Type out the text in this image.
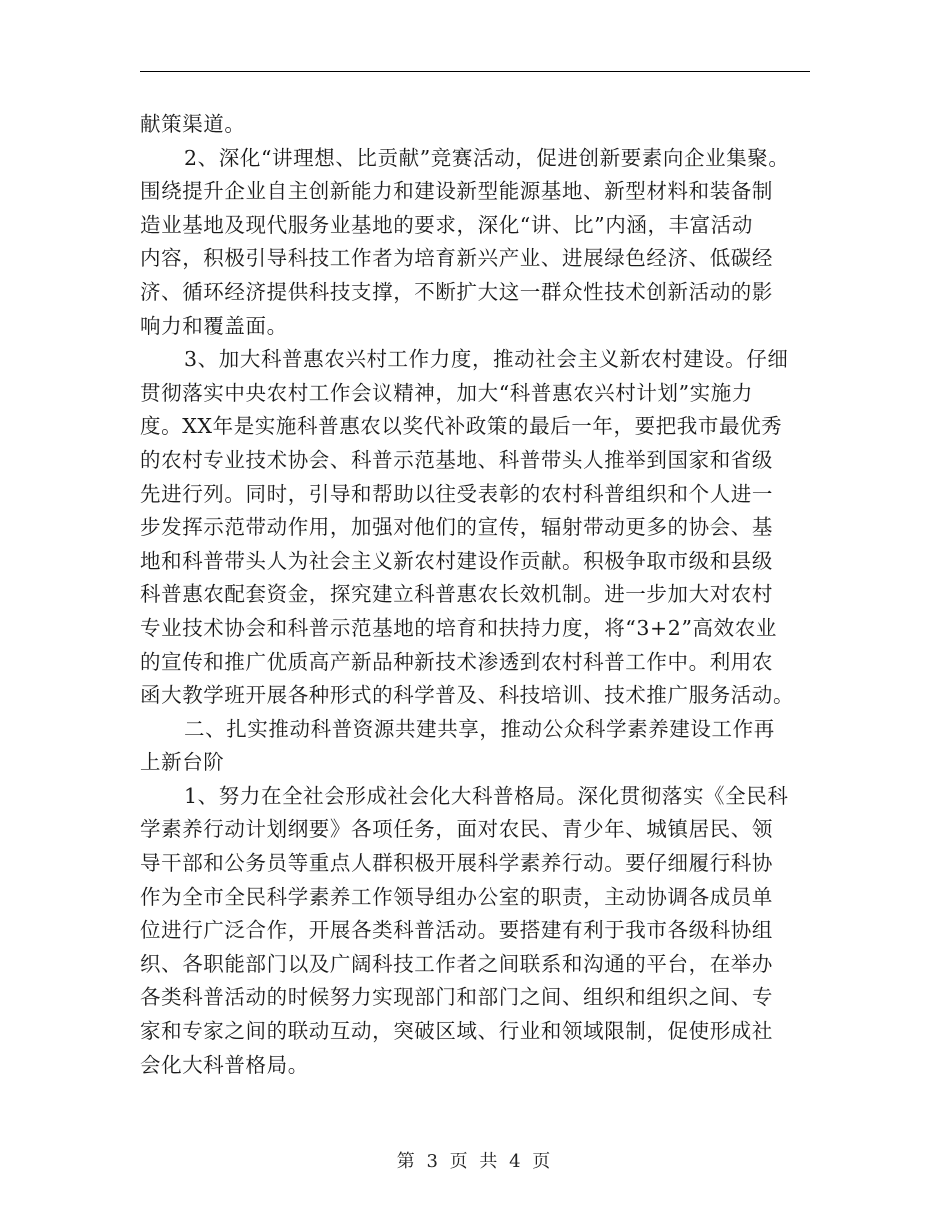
献策渠道。
2、深化“讲理想、比贡献”竞赛活动，促进创新要素向企业集聚。
围绕提升企业自主创新能力和建设新型能源基地、新型材料和装备制
造业基地及现代服务业基地的要求，深化“讲、比”内涵，丰富活动
内容，积极引导科技工作者为培育新兴产业、进展绿色经济、低碳经
济、循环经济提供科技支撑，不断扩大这一群众性技术创新活动的影
响力和覆盖面。
3、加大科普惠农兴村工作力度，推动社会主义新农村建设。仔细
贯彻落实中央农村工作会议精神，加大“科普惠农兴村计划”实施力
度。XX年是实施科普惠农以奖代补政策的最后一年，要把我市最优秀
的农村专业技术协会、科普示范基地、科普带头人推举到国家和省级
先进行列。同时，引导和帮助以往受表彰的农村科普组织和个人进一
步发挥示范带动作用，加强对他们的宣传，辐射带动更多的协会、基
地和科普带头人为社会主义新农村建设作贡献。积极争取市级和县级
科普惠农配套资金，探究建立科普惠农长效机制。进一步加大对农村
专业技术协会和科普示范基地的培育和扶持力度，将“3+2”高效农业
的宣传和推广优质高产新品种新技术渗透到农村科普工作中。利用农
函大教学班开展各种形式的科学普及、科技培训、技术推广服务活动。
二、扎实推动科普资源共建共享，推动公众科学素养建设工作再
上新台阶
1、努力在全社会形成社会化大科普格局。深化贯彻落实《全民科
学素养行动计划纲要》各项任务，面对农民、青少年、城镇居民、领
导干部和公务员等重点人群积极开展科学素养行动。要仔细履行科协
作为全市全民科学素养工作领导组办公室的职责，主动协调各成员单
位进行广泛合作，开展各类科普活动。要搭建有利于我市各级科协组
织、各职能部门以及广阔科技工作者之间联系和沟通的平台，在举办
各类科普活动的时候努力实现部门和部门之间、组织和组织之间、专
家和专家之间的联动互动，突破区域、行业和领域限制，促使形成社
会化大科普格局。
第 3 页 共 4 页
